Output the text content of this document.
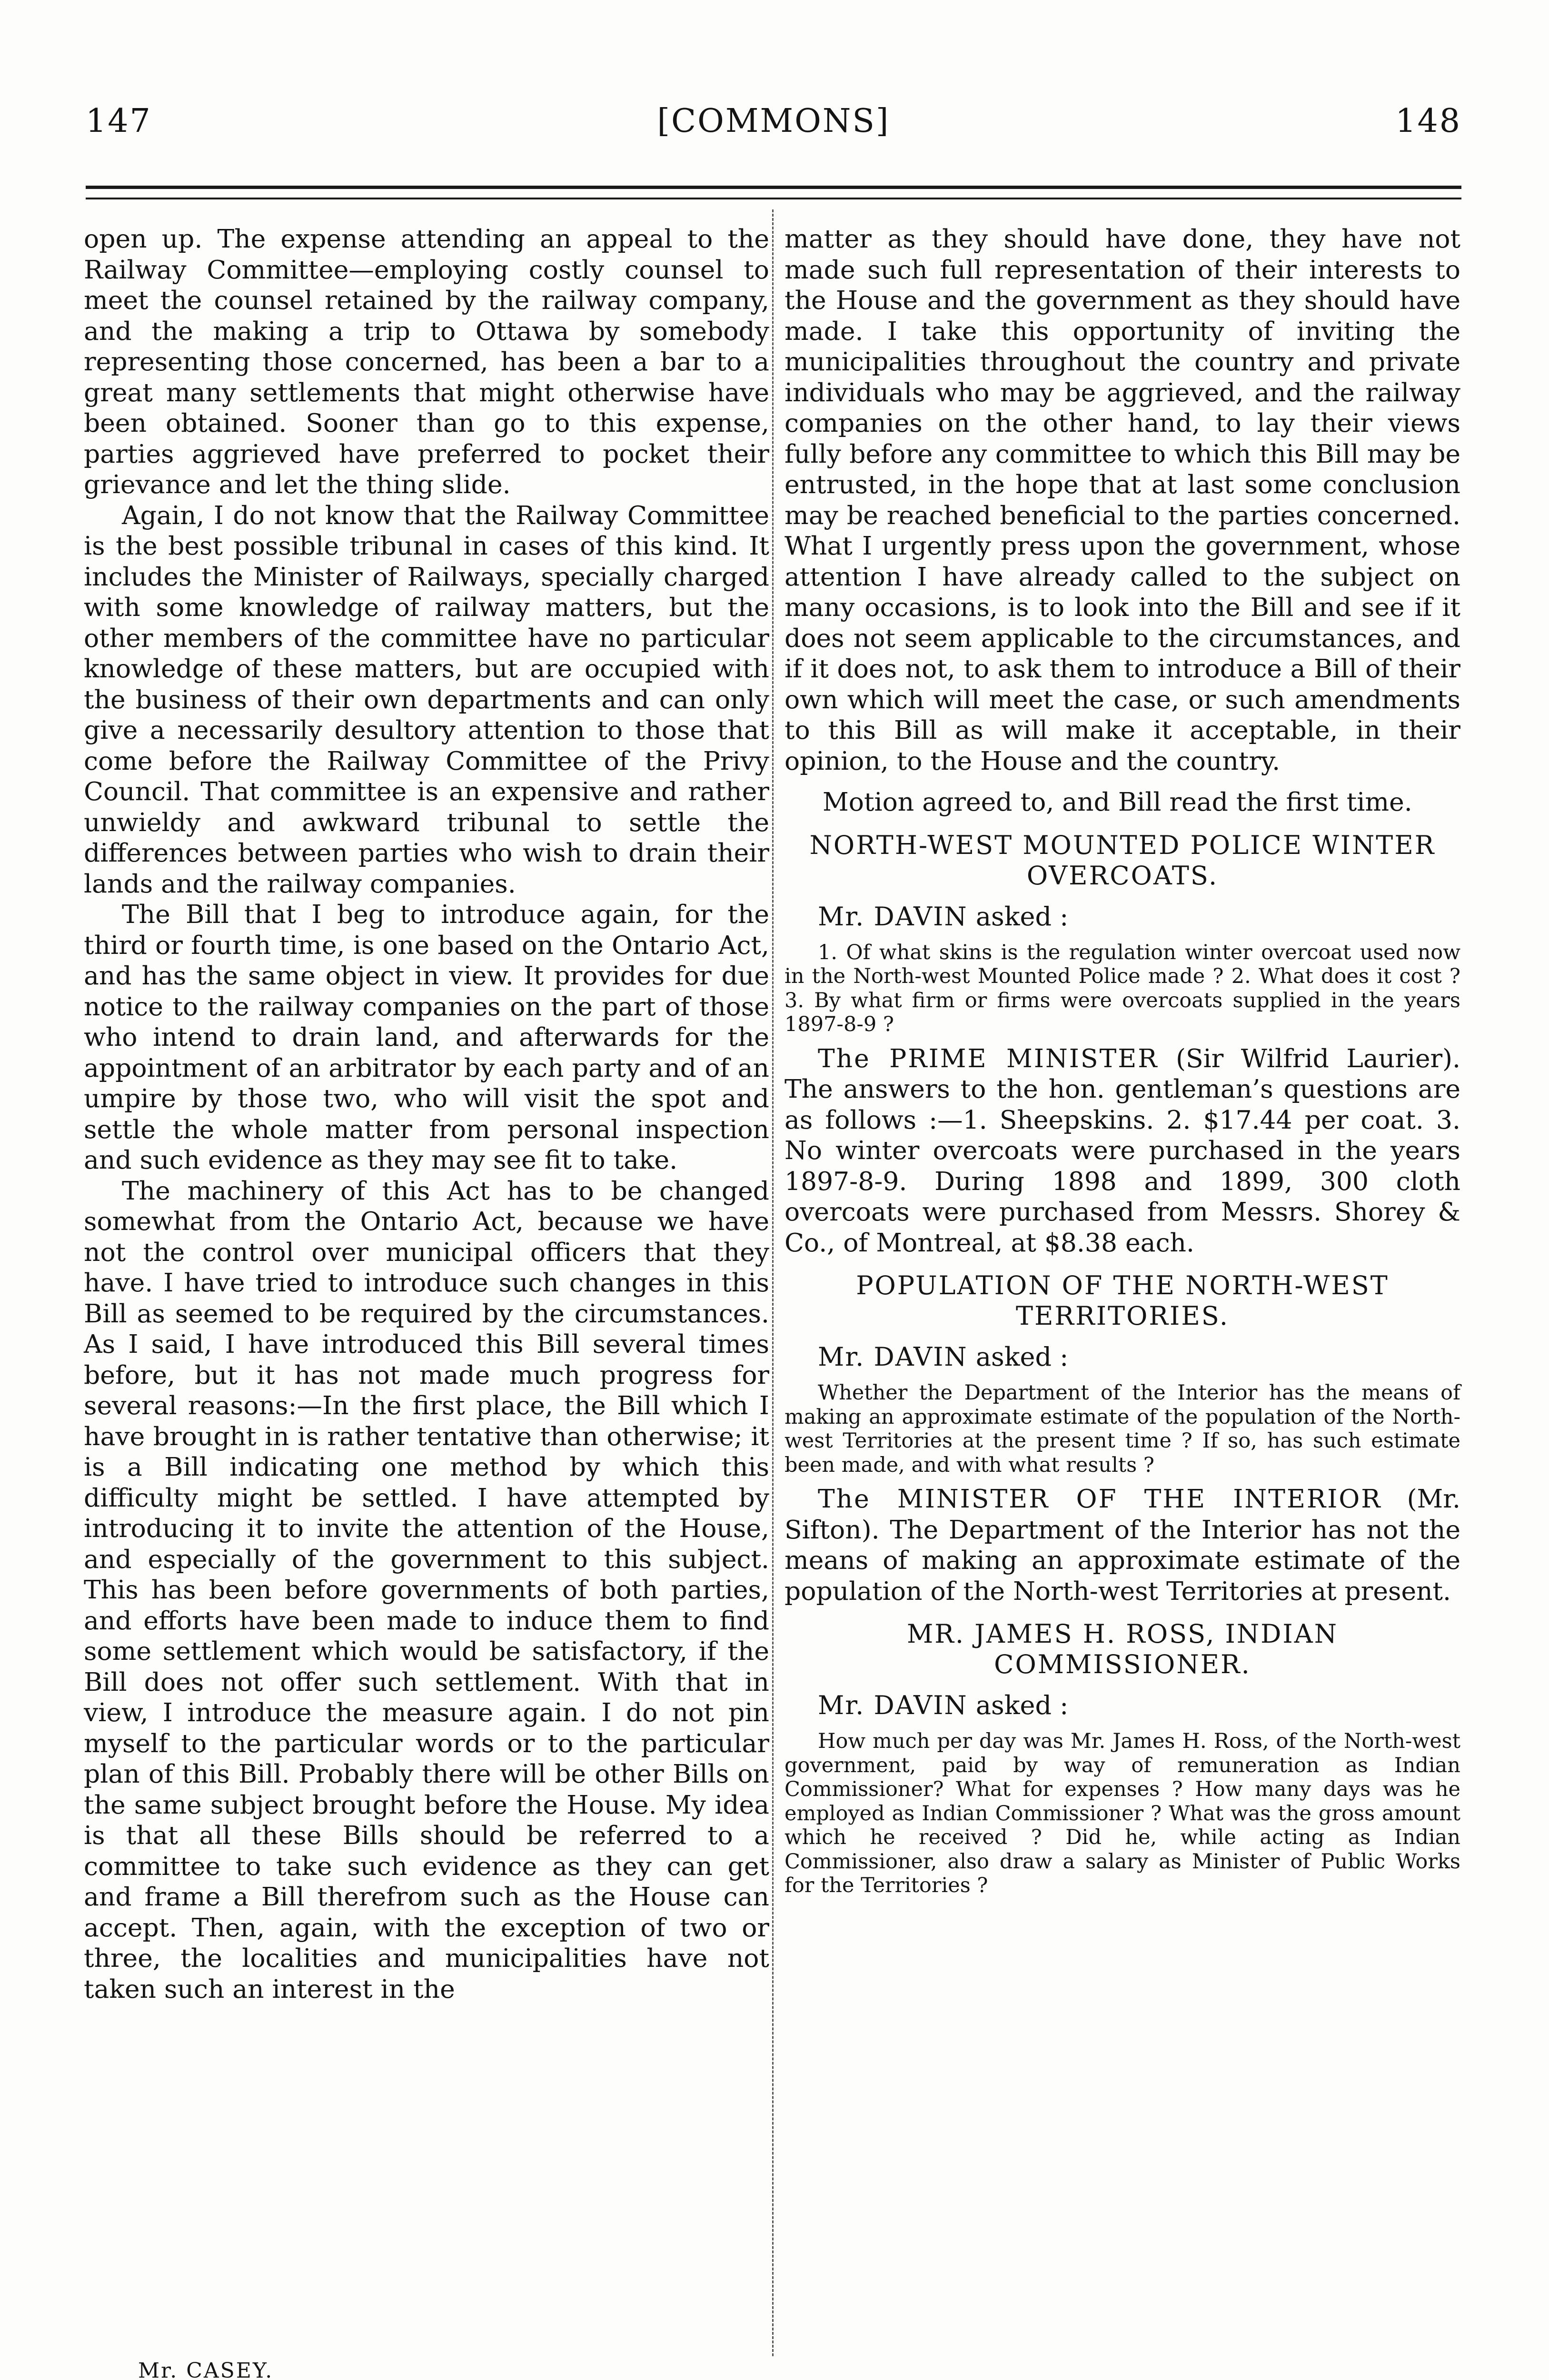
147	[COMMONS]	148

open up. The expense attending an appeal to the Railway Committee—employing costly counsel to meet the counsel retained by the railway company, and the making a trip to Ottawa by somebody representing those concerned, has been a bar to a great many settlements that might otherwise have been obtained. Sooner than go to this expense, parties aggrieved have preferred to pocket their grievance and let the thing slide.

Again, I do not know that the Railway Committee is the best possible tribunal in cases of this kind. It includes the Minister of Railways, specially charged with some knowledge of railway matters, but the other members of the committee have no particular knowledge of these matters, but are occupied with the business of their own departments and can only give a necessarily desultory attention to those that come before the Railway Committee of the Privy Council. That committee is an expensive and rather unwieldy and awkward tribunal to settle the differences between parties who wish to drain their lands and the railway companies.

The Bill that I beg to introduce again, for the third or fourth time, is one based on the Ontario Act, and has the same object in view. It provides for due notice to the railway companies on the part of those who intend to drain land, and afterwards for the appointment of an arbitrator by each party and of an umpire by those two, who will visit the spot and settle the whole matter from personal inspection and such evidence as they may see fit to take.

The machinery of this Act has to be changed somewhat from the Ontario Act, because we have not the control over municipal officers that they have. I have tried to introduce such changes in this Bill as seemed to be required by the circumstances. As I said, I have introduced this Bill several times before, but it has not made much progress for several reasons:—In the first place, the Bill which I have brought in is rather tentative than otherwise; it is a Bill indicating one method by which this difficulty might be settled. I have attempted by introducing it to invite the attention of the House, and especially of the government to this subject. This has been before governments of both parties, and efforts have been made to induce them to find some settlement which would be satisfactory, if the Bill does not offer such settlement. With that in view, I introduce the measure again. I do not pin myself to the particular words or to the particular plan of this Bill. Probably there will be other Bills on the same subject brought before the House. My idea is that all these Bills should be referred to a committee to take such evidence as they can get and frame a Bill therefrom such as the House can accept. Then, again, with the exception of two or three, the localities and municipalities have not taken such an interest in the

matter as they should have done, they have not made such full representation of their interests to the House and the government as they should have made. I take this opportunity of inviting the municipalities throughout the country and private individuals who may be aggrieved, and the railway companies on the other hand, to lay their views fully before any committee to which this Bill may be entrusted, in the hope that at last some conclusion may be reached beneficial to the parties concerned. What I urgently press upon the government, whose attention I have already called to the subject on many occasions, is to look into the Bill and see if it does not seem applicable to the circumstances, and if it does not, to ask them to introduce a Bill of their own which will meet the case, or such amendments to this Bill as will make it acceptable, in their opinion, to the House and the country.

Motion agreed to, and Bill read the first time.

NORTH-WEST MOUNTED POLICE WINTER OVERCOATS.
Mr. DAVIN asked :

1. Of what skins is the regulation winter overcoat used now in the North-west Mounted Police made ? 2. What does it cost ? 3. By what firm or firms were overcoats supplied in the years 1897-8-9 ?

The PRIME MINISTER (Sir Wilfrid Laurier). The answers to the hon. gentleman’s questions are as follows :—1. Sheepskins. 2. $17.44 per coat. 3. No winter overcoats were purchased in the years 1897-8-9. During 1898 and 1899, 300 cloth overcoats were purchased from Messrs. Shorey & Co., of Montreal, at $8.38 each.

POPULATION OF THE NORTH-WEST TERRITORIES.
Mr. DAVIN asked :

Whether the Department of the Interior has the means of making an approximate estimate of the population of the North-west Territories at the present time ? If so, has such estimate been made, and with what results ?

The MINISTER OF THE INTERIOR (Mr. Sifton). The Department of the Interior has not the means of making an approximate estimate of the population of the North-west Territories at present.

MR. JAMES H. ROSS, INDIAN COMMISSIONER.
Mr. DAVIN asked :

How much per day was Mr. James H. Ross, of the North-west government, paid by way of remuneration as Indian Commissioner? What for expenses ? How many days was he employed as Indian Commissioner ? What was the gross amount which he received ? Did he, while acting as Indian Commissioner, also draw a salary as Minister of Public Works for the Territories ?

Mr. CASEY.
